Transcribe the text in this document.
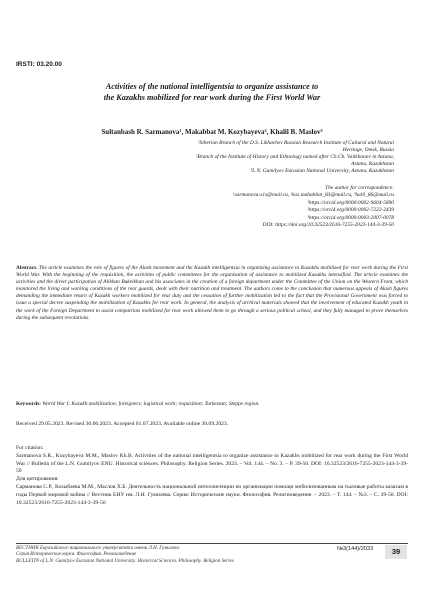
IRSTI: 03.20.00
Activities of the national intelligentsia to organize assistance to
the Kazakhs mobilized for rear work during the First World War
Sultanbash R. Sarmanova¹, Makabbat M. Kozybayeva², Khalil B. Maslov³
¹Siberian Branch of the D.S. Likhachev Russian Research Institute of Cultural and Natural
Heritage, Omsk, Russia
²Branch of the Institute of History and Ethnology named after Ch.Ch. Valikhanov in Astana,
Astana, Kazakhstan
³L.N. Gumilyov Eurasian National University, Astana, Kazakhstan
The author for correspondence:
¹sarmanova-s1s@mail.ru, ²koz.mahabbat_83@mail.ru, ³halil_86@mail.ru
¹https://orcid.org/0000-0002-9604-5890
²https://orcid.org/0000-0002-7222-2439
³https://orcid.org/0000-0003-2007-0078
DOI: https://doi.org/10.32523/2616-7255-2023-144-3-39-50
Abstract. The article examines the role of figures of the Alash movement and the Kazakh intelligentsia in organizing assistance to Kazakhs mobilized for rear work during the First World War. With the beginning of the requisition, the activities of public committees for the organization of assistance to mobilized Kazakhs intensified. The article examines the activities and the direct participation of Alikhan Bukeikhan and his associates in the creation of a foreign department under the Committee of the Union on the Western Front, which monitored the living and working conditions of the rear guards, dealt with their nutrition and treatment. The authors come to the conclusion that numerous appeals of Alash figures demanding the immediate return of Kazakh workers mobilized for rear duty and the cessation of further mobilization led to the fact that the Provisional Government was forced to issue a special decree suspending the mobilization of Kazakhs for rear work. In general, the analysis of archival materials showed that the involvement of educated Kazakh youth in the work of the Foreign Department to assist compatriots mobilized for rear work allowed them to go through a serious political school, and they fully managed to prove themselves during the subsequent revolutions.
Keywords: World War I; Kazakh mobilization; foreigners; logistical work; requisition; Turkestan; Steppe region.
Received 29.05.2023. Revised 30.06.2023. Accepted 01.07.2023. Available online 30.09.2023.
For citation:
Sarmanova S.R., Kozybayeva M.M., Maslov Kh.B. Activities of the national intelligentsia to organize assistance to Kazakhs mobilized for rear work during the First World War // Bulletin of the L.N. Gumilyov ENU. Historical sciences. Philosophy. Religion Series. 2023. – Vol. 144. – No. 3. – P. 39-50. DOI: 10.32523/2616-7255-2023-144-3-39-50
Для цитирования:
Сарманова С.Р., Козыбаева М.М., Маслов Х.Б. Деятельность национальной интеллигенции по организации помощи мобилизованным на тыловые работы казахам в годы Первой мировой войны // Вестник ЕНУ им. Л.Н. Гумилева. Серия: Исторические науки. Философия. Религиоведение. – 2023. – Т. 144. – №3. – С. 39-50. DOI: 10.32523/2616-7255-2023-144-3-39-50
ВЕСТНИК Евразийского национального университета имени Л.Н. Гумилева.
Серия Исторические науки. Философия. Религиоведение
BULLETIN of L.N. Gumilyov Eurasian National University. Historical Sciences. Philosophy. Religion Series
№3(144)/2023	39
